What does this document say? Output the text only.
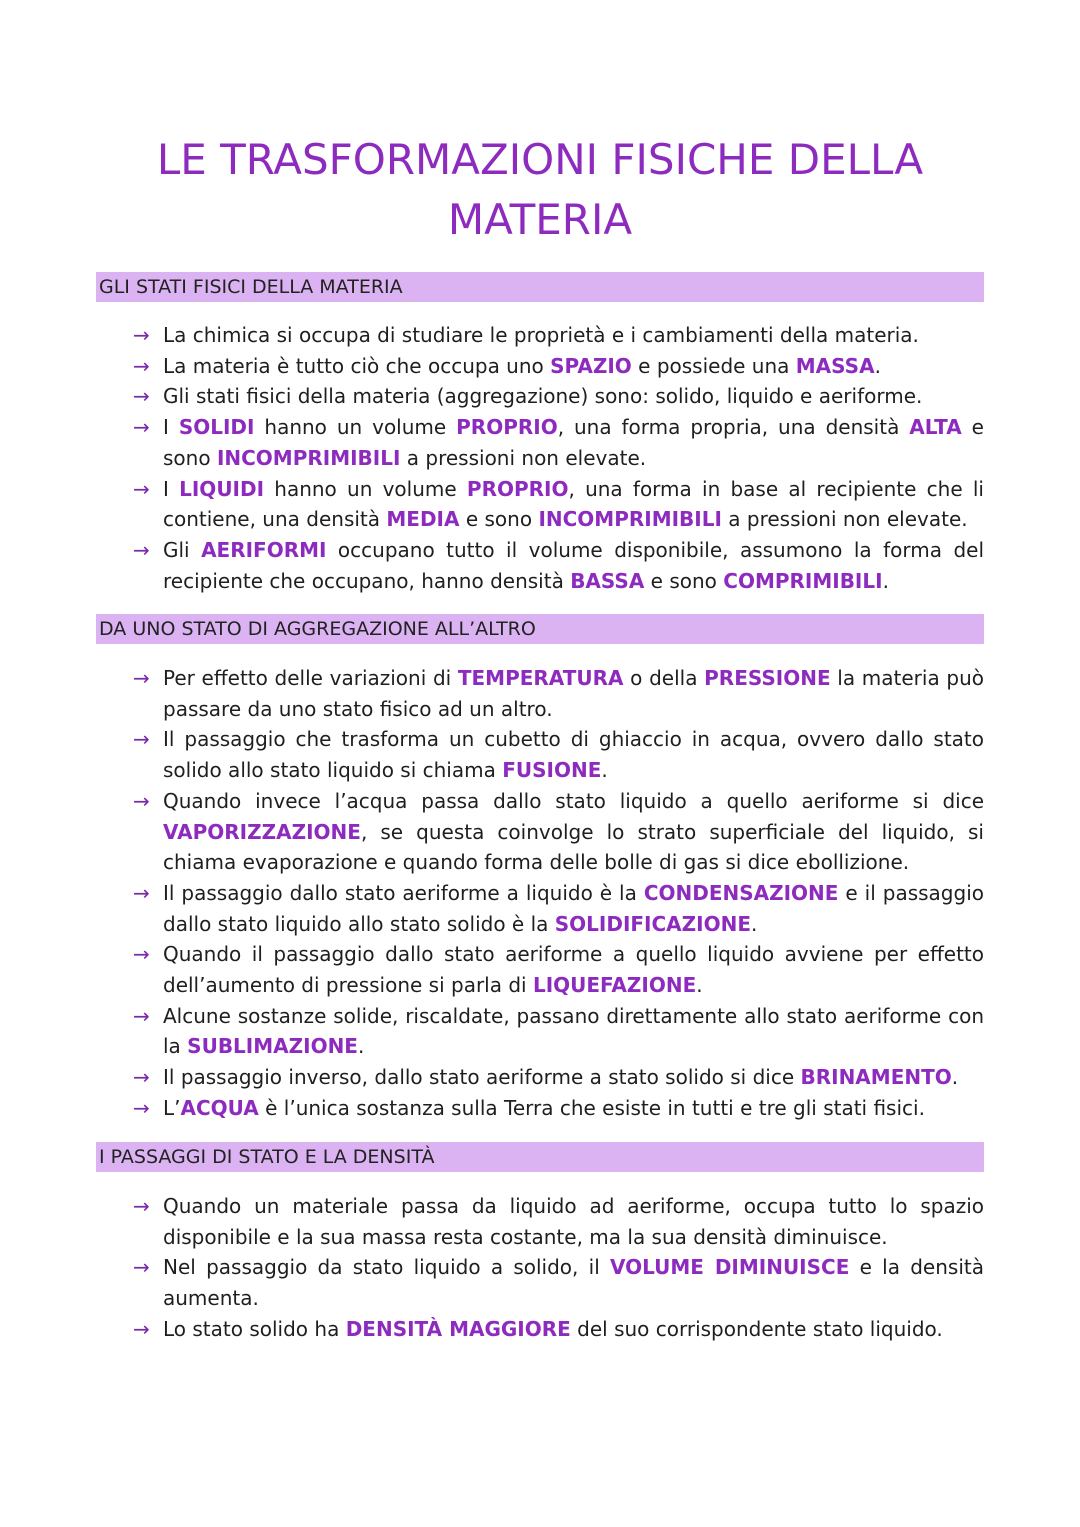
LE TRASFORMAZIONI FISICHE DELLA
MATERIA
GLI STATI FISICI DELLA MATERIA
→ La chimica si occupa di studiare le proprietà e i cambiamenti della materia.
→ La materia è tutto ciò che occupa uno SPAZIO e possiede una MASSA.
→ Gli stati fisici della materia (aggregazione) sono: solido, liquido e aeriforme.
→ I SOLIDI hanno un volume PROPRIO, una forma propria, una densità ALTA e sono INCOMPRIMIBILI a pressioni non elevate.
→ I LIQUIDI hanno un volume PROPRIO, una forma in base al recipiente che li contiene, una densità MEDIA e sono INCOMPRIMIBILI a pressioni non elevate.
→ Gli AERIFORMI occupano tutto il volume disponibile, assumono la forma del recipiente che occupano, hanno densità BASSA e sono COMPRIMIBILI.
DA UNO STATO DI AGGREGAZIONE ALL’ALTRO
→ Per effetto delle variazioni di TEMPERATURA o della PRESSIONE la materia può passare da uno stato fisico ad un altro.
→ Il passaggio che trasforma un cubetto di ghiaccio in acqua, ovvero dallo stato solido allo stato liquido si chiama FUSIONE.
→ Quando invece l’acqua passa dallo stato liquido a quello aeriforme si dice VAPORIZZAZIONE, se questa coinvolge lo strato superficiale del liquido, si chiama evaporazione e quando forma delle bolle di gas si dice ebollizione.
→ Il passaggio dallo stato aeriforme a liquido è la CONDENSAZIONE e il passaggio dallo stato liquido allo stato solido è la SOLIDIFICAZIONE.
→ Quando il passaggio dallo stato aeriforme a quello liquido avviene per effetto dell’aumento di pressione si parla di LIQUEFAZIONE.
→ Alcune sostanze solide, riscaldate, passano direttamente allo stato aeriforme con la SUBLIMAZIONE.
→ Il passaggio inverso, dallo stato aeriforme a stato solido si dice BRINAMENTO.
→ L’ACQUA è l’unica sostanza sulla Terra che esiste in tutti e tre gli stati fisici.
I PASSAGGI DI STATO E LA DENSITÀ
→ Quando un materiale passa da liquido ad aeriforme, occupa tutto lo spazio disponibile e la sua massa resta costante, ma la sua densità diminuisce.
→ Nel passaggio da stato liquido a solido, il VOLUME DIMINUISCE e la densità aumenta.
→ Lo stato solido ha DENSITÀ MAGGIORE del suo corrispondente stato liquido.
